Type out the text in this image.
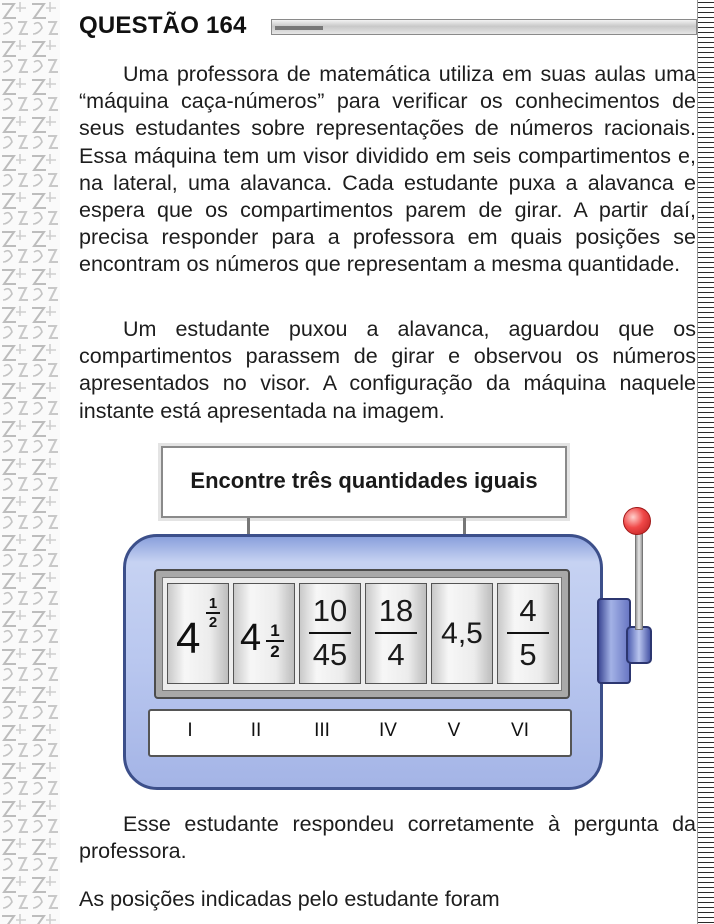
QUESTÃO 164

Uma professora de matemática utiliza em suas aulas uma “máquina caça-números” para verificar os conhecimentos de seus estudantes sobre representações de números racionais. Essa máquina tem um visor dividido em seis compartimentos e, na lateral, uma alavanca. Cada estudante puxa a alavanca e espera que os compartimentos parem de girar. A partir daí, precisa responder para a professora em quais posições se encontram os números que representam a mesma quantidade.

Um estudante puxou a alavanca, aguardou que os compartimentos parassem de girar e observou os números apresentados no visor. A configuração da máquina naquele instante está apresentada na imagem.

Encontre três quantidades iguais
4
1
2 4 1
2
10
45
18
4
4,5
4
5
I	II	III	IV	V	VI

Esse estudante respondeu corretamente à pergunta da professora.

As posições indicadas pelo estudante foram
